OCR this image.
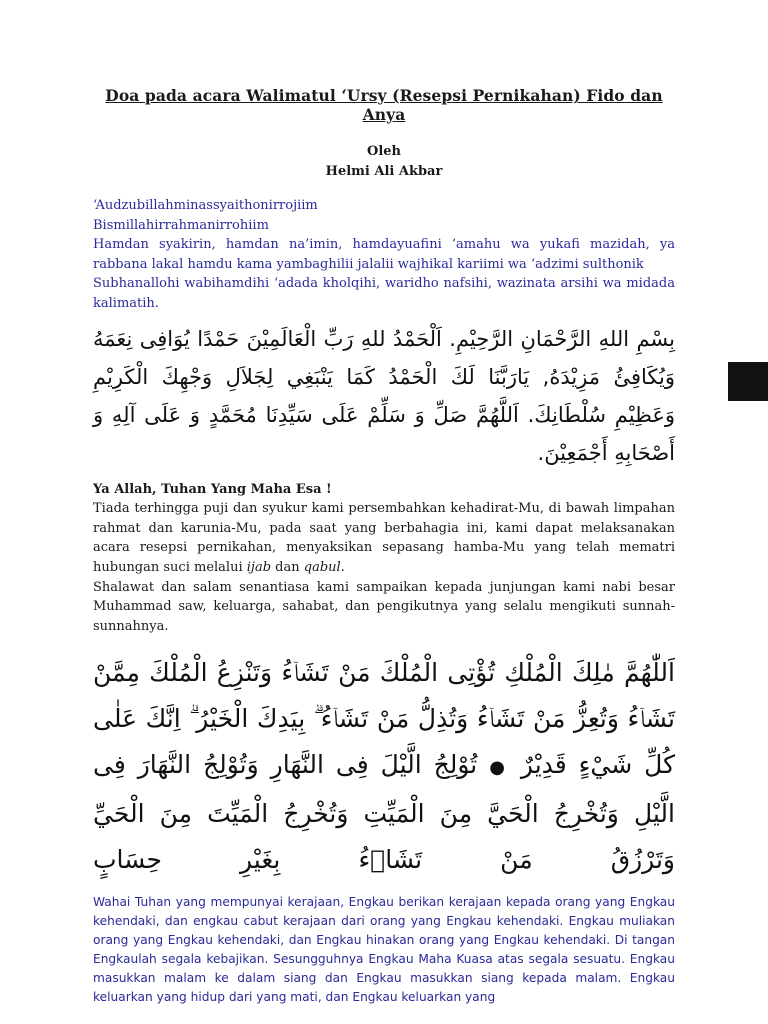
Doa pada acara Walimatul ‘Ursy (Resepsi Pernikahan) Fido dan Anya
Oleh
Helmi Ali Akbar

‘Audzubillahminassyaithonirrojiim

Bismillahirrahmanirrohiim

Hamdan syakirin, hamdan na’imin, hamdayuafini ‘amahu wa yukafi mazidah, ya rabbana lakal hamdu kama yambaghilii jalalii wajhikal kariimi wa ‘adzimi sulthonik

Subhanallohi wabihamdihi ‘adada kholqihi, waridho nafsihi, wazinata arsihi wa midada kalimatih.

بِسْمِ اللهِ الرَّحْمَانِ الرَّحِيْمِ. اَلْحَمْدُ للهِ رَبِّ الْعَالَمِيْنَ حَمْدًا يُوَافِى نِعَمَهُ وَيُكَافِئُ مَزِيْدَهُ, يَارَبَّنَا لَكَ الْحَمْدُ كَمَا يَنْبَغِي لِجَلاَلِ وَجْهِكَ الْكَرِيْمِ وَعَظِيْمِ سُلْطَانِكَ. اَللَّهُمَّ صَلِّ وَ سَلِّمْ عَلَى سَيِّدِنَا مُحَمَّدٍ وَ عَلَى آلِهِ وَ أَصْحَابِهِ أَجْمَعِيْنَ.

Ya Allah, Tuhan Yang Maha Esa !

Tiada terhingga puji dan syukur kami persembahkan kehadirat-Mu, di bawah limpahan rahmat dan karunia-Mu, pada saat yang berbahagia ini, kami dapat melaksanakan acara resepsi pernikahan, menyaksikan sepasang hamba-Mu yang telah mematri hubungan suci melalui ijab dan qabul.

Shalawat dan salam senantiasa kami sampaikan kepada junjungan kami nabi besar Muhammad saw, keluarga, sahabat, dan pengikutnya yang selalu mengikuti sunnah-sunnahnya.

اَللّٰهُمَّ مٰلِكَ الْمُلْكِ تُؤْتِى الْمُلْكَ مَنْ تَشَاۤءُ وَتَنْزِعُ الْمُلْكَ مِمَّنْ تَشَاۤءُ وَتُعِزُّ مَنْ تَشَاۤءُ وَتُذِلُّ مَنْ تَشَاۤءُ ۗ بِيَدِكَ الْخَيْرُ ۗ اِنَّكَ عَلٰى كُلِّ شَيْءٍ قَدِيْرٌ ● تُوْلِجُ الَّيْلَ فِى النَّهَارِ وَتُوْلِجُ النَّهَارَ فِى الَّيْلِ وَتُخْرِجُ الْحَيَّ مِنَ الْمَيِّتِ وَتُخْرِجُ الْمَيِّتَ مِنَ الْحَيِّ وَتَرْزُقُ مَنْ تَشَاۤءُ بِغَيْرِ حِسَابٍ

Wahai Tuhan yang mempunyai kerajaan, Engkau berikan kerajaan kepada orang yang Engkau kehendaki, dan engkau cabut kerajaan dari orang yang Engkau kehendaki. Engkau muliakan orang yang Engkau kehendaki, dan Engkau hinakan orang yang Engkau kehendaki. Di tangan Engkaulah segala kebajikan. Sesungguhnya Engkau Maha Kuasa atas segala sesuatu. Engkau masukkan malam ke dalam siang dan Engkau masukkan siang kepada malam. Engkau keluarkan yang hidup dari yang mati, dan Engkau keluarkan yang
